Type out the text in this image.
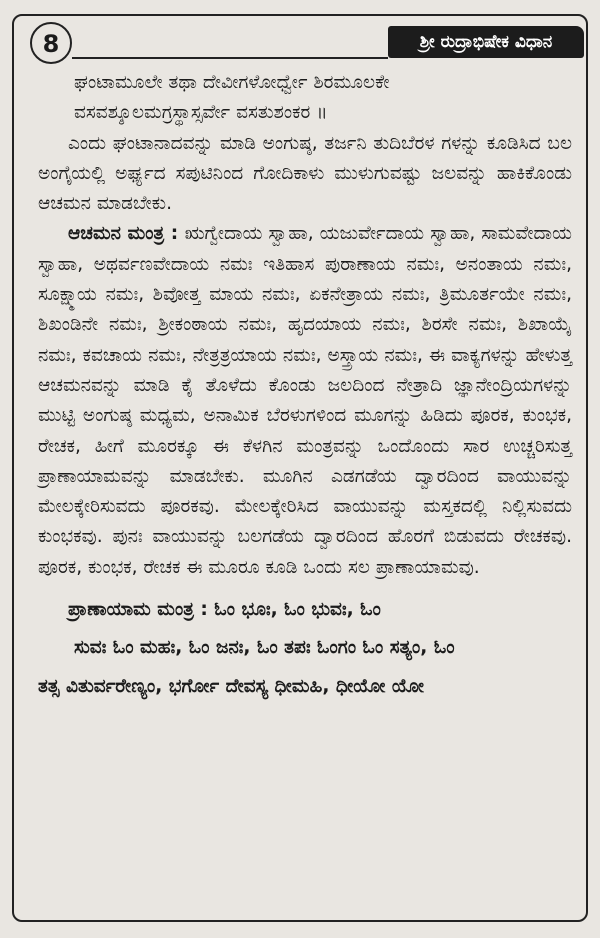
8	ಶ್ರೀ ರುದ್ರಾಭಿಷೇಕ ವಿಧಾನ

ಘಂಟಾಮೂಲೇ ತಥಾ ದೇವೀಗಳೋರ್ಧ್ವೇ ಶಿರಮೂಲಕೇ

ವಸವಶ್ಶೂಲಮಗ್ರಸ್ಥಾಸ್ಸರ್ವೇ ವಸತುಶಂಕರ ॥

ಎಂದು ಘಂಟಾನಾದವನ್ನು ಮಾಡಿ ಅಂಗುಷ್ಠ, ತರ್ಜನಿ ತುದಿಬೆರಳ ಗಳನ್ನು ಕೂಡಿಸಿದ ಬಲ ಅಂಗೈಯಲ್ಲಿ ಅರ್ಘ್ಯದ ಸಪುಟಿನಿಂದ ಗೋದಿಕಾಳು ಮುಳುಗುವಷ್ಟು ಜಲವನ್ನು ಹಾಕಿಕೊಂಡು ಆಚಮನ ಮಾಡಬೇಕು.

ಆಚಮನ ಮಂತ್ರ : ಋಗ್ವೇದಾಯ ಸ್ವಾಹಾ, ಯಜುರ್ವೇದಾಯ ಸ್ವಾಹಾ, ಸಾಮವೇದಾಯ ಸ್ವಾಹಾ, ಅಥರ್ವಣವೇದಾಯ ನಮಃ ಇತಿಹಾಸ ಪುರಾಣಾಯ ನಮಃ, ಅನಂತಾಯ ನಮಃ, ಸೂಕ್ಷ್ಮಾಯ ನಮಃ, ಶಿವೋತ್ತ ಮಾಯ ನಮಃ, ಏಕನೇತ್ರಾಯ ನಮಃ, ತ್ರಿಮೂರ್ತಯೇ ನಮಃ, ಶಿಖಂಡಿನೇ ನಮಃ, ಶ್ರೀಕಂಠಾಯ ನಮಃ, ಹೃದಯಾಯ ನಮಃ, ಶಿರಸೇ ನಮಃ, ಶಿಖಾಯೈ ನಮಃ, ಕವಚಾಯ ನಮಃ, ನೇತ್ರತ್ರಯಾಯ ನಮಃ, ಅಸ್ತ್ರಾಯ ನಮಃ, ಈ ವಾಕ್ಯಗಳನ್ನು ಹೇಳುತ್ತ ಆಚಮನವನ್ನು ಮಾಡಿ ಕೈ ತೊಳೆದು ಕೊಂಡು ಜಲದಿಂದ ನೇತ್ರಾದಿ ಜ್ಞಾನೇಂದ್ರಿಯಗಳನ್ನು ಮುಟ್ಟಿ ಅಂಗುಷ್ಠ ಮಧ್ಯಮ, ಅನಾಮಿಕ ಬೆರಳುಗಳಿಂದ ಮೂಗನ್ನು ಹಿಡಿದು ಪೂರಕ, ಕುಂಭಕ, ರೇಚಕ, ಹೀಗೆ ಮೂರಕ್ಕೂ ಈ ಕೆಳಗಿನ ಮಂತ್ರವನ್ನು ಒಂದೊಂದು ಸಾರ ಉಚ್ಚರಿಸುತ್ತ ಪ್ರಾಣಾಯಾಮವನ್ನು ಮಾಡಬೇಕು. ಮೂಗಿನ ಎಡಗಡೆಯ ದ್ವಾರದಿಂದ ವಾಯುವನ್ನು ಮೇಲಕ್ಕೇರಿಸುವದು ಪೂರಕವು. ಮೇಲಕ್ಕೇರಿಸಿದ ವಾಯುವನ್ನು ಮಸ್ತಕದಲ್ಲಿ ನಿಲ್ಲಿಸುವದು ಕುಂಭಕವು. ಪುನಃ ವಾಯುವನ್ನು ಬಲಗಡೆಯ ದ್ವಾರದಿಂದ ಹೊರಗೆ ಬಿಡುವದು ರೇಚಕವು. ಪೂರಕ, ಕುಂಭಕ, ರೇಚಕ ಈ ಮೂರೂ ಕೂಡಿ ಒಂದು ಸಲ ಪ್ರಾಣಾಯಾಮವು.

ಪ್ರಾಣಾಯಾಮ ಮಂತ್ರ : ಓಂ ಭೂಃ, ಓಂ ಭುವಃ, ಓಂ

ಸುವಃ ಓಂ ಮಹಃ, ಓಂ ಜನಃ, ಓಂ ತಪಃ ಓಂಗಂ ಓಂ ಸತ್ಯಂ, ಓಂ

ತತ್ಸ ವಿತುರ್ವರೇಣ್ಯಂ, ಭರ್ಗೋ ದೇವಸ್ಯ ಧೀಮಹಿ, ಧೀಯೋ ಯೋ
